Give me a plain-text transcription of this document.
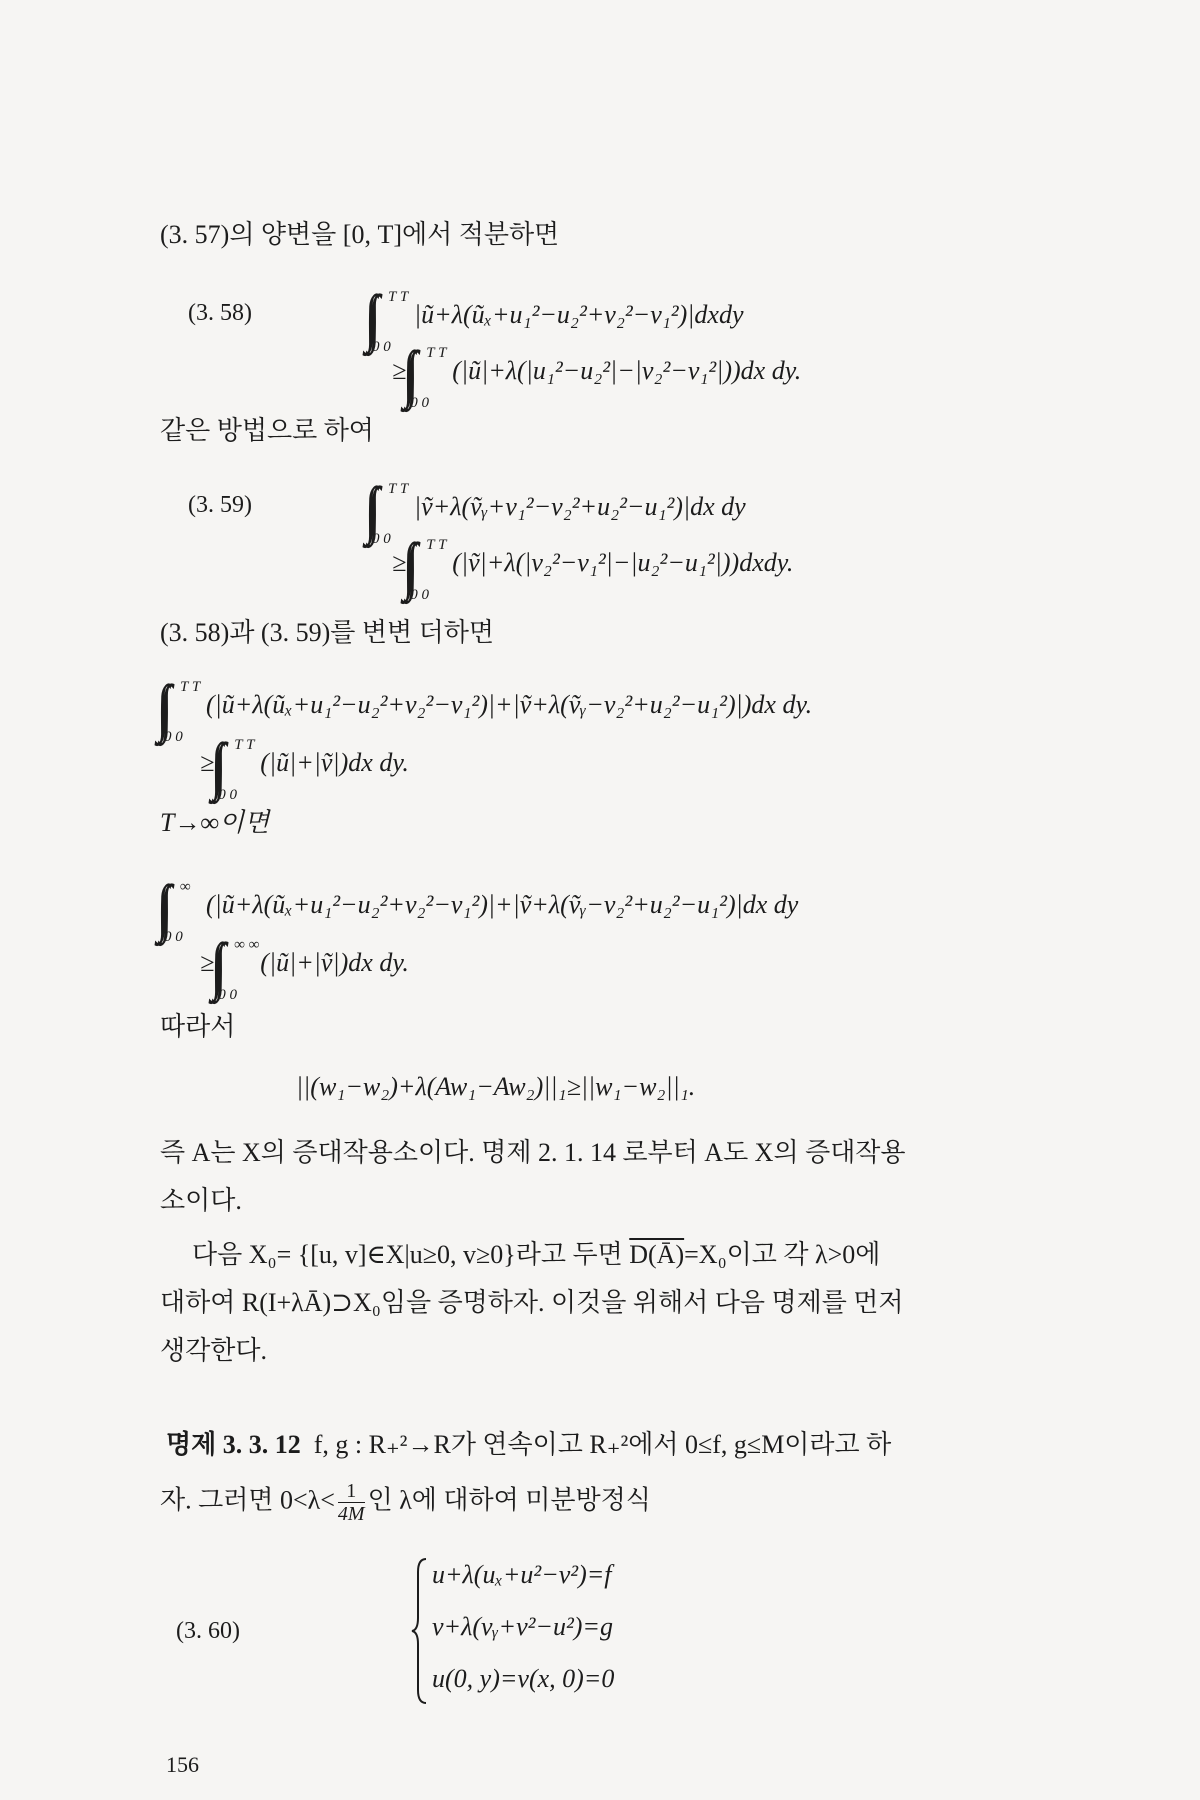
(3. 57)의 양변을 [0, T]에서 적분하면
(3. 58)
T T
0 0
|ũ+λ(ũₓ+u₁²−u₂²+v₂²−v₁²)|dxdy
≥
T T
0 0
(|ũ|+λ(|u₁²−u₂²|−|v₂²−v₁²|))dx dy.
같은 방법으로 하여
(3. 59)
T T
0 0
|ṽ+λ(ṽᵧ+v₁²−v₂²+u₂²−u₁²)|dx dy
≥
T T
0 0
(|ṽ|+λ(|v₂²−v₁²|−|u₂²−u₁²|))dxdy.
(3. 58)과 (3. 59)를 변변 더하면
T T
0 0
(|ũ+λ(ũₓ+u₁²−u₂²+v₂²−v₁²)|+|ṽ+λ(ṽᵧ−v₂²+u₂²−u₁²)|)dx dy.
≥
T T
0 0
(|ũ|+|ṽ|)dx dy.
T→∞이면
∞
0 0
(|ũ+λ(ũₓ+u₁²−u₂²+v₂²−v₁²)|+|ṽ+λ(ṽᵧ−v₂²+u₂²−u₁²)|dx dy
≥
∞ ∞
0 0
(|ũ|+|ṽ|)dx dy.
따라서
||(w₁−w₂)+λ(Aw₁−Aw₂)||₁≥||w₁−w₂||₁.
즉 A는 X의 증대작용소이다. 명제 2. 1. 14 로부터 A도 X의 증대작용
소이다.
다음 X₀= {[u, v]∈X|u≥0, v≥0}라고 두면 D(Ā)=X₀이고 각 λ>0에
대하여 R(I+λĀ)⊃X₀임을 증명하자. 이것을 위해서 다음 명제를 먼저
생각한다.
명제 3. 3. 12 f, g : R₊²→R가 연속이고 R₊²에서 0≤f, g≤M이라고 하
자. 그러면 $0<\lambda< \frac{1}{4M}$ 인 λ에 대하여 미분방정식
(3. 60)
u+λ(uₓ+u²−v²)=f
v+λ(vᵧ+v²−u²)=g
u(0, y)=v(x, 0)=0
156
